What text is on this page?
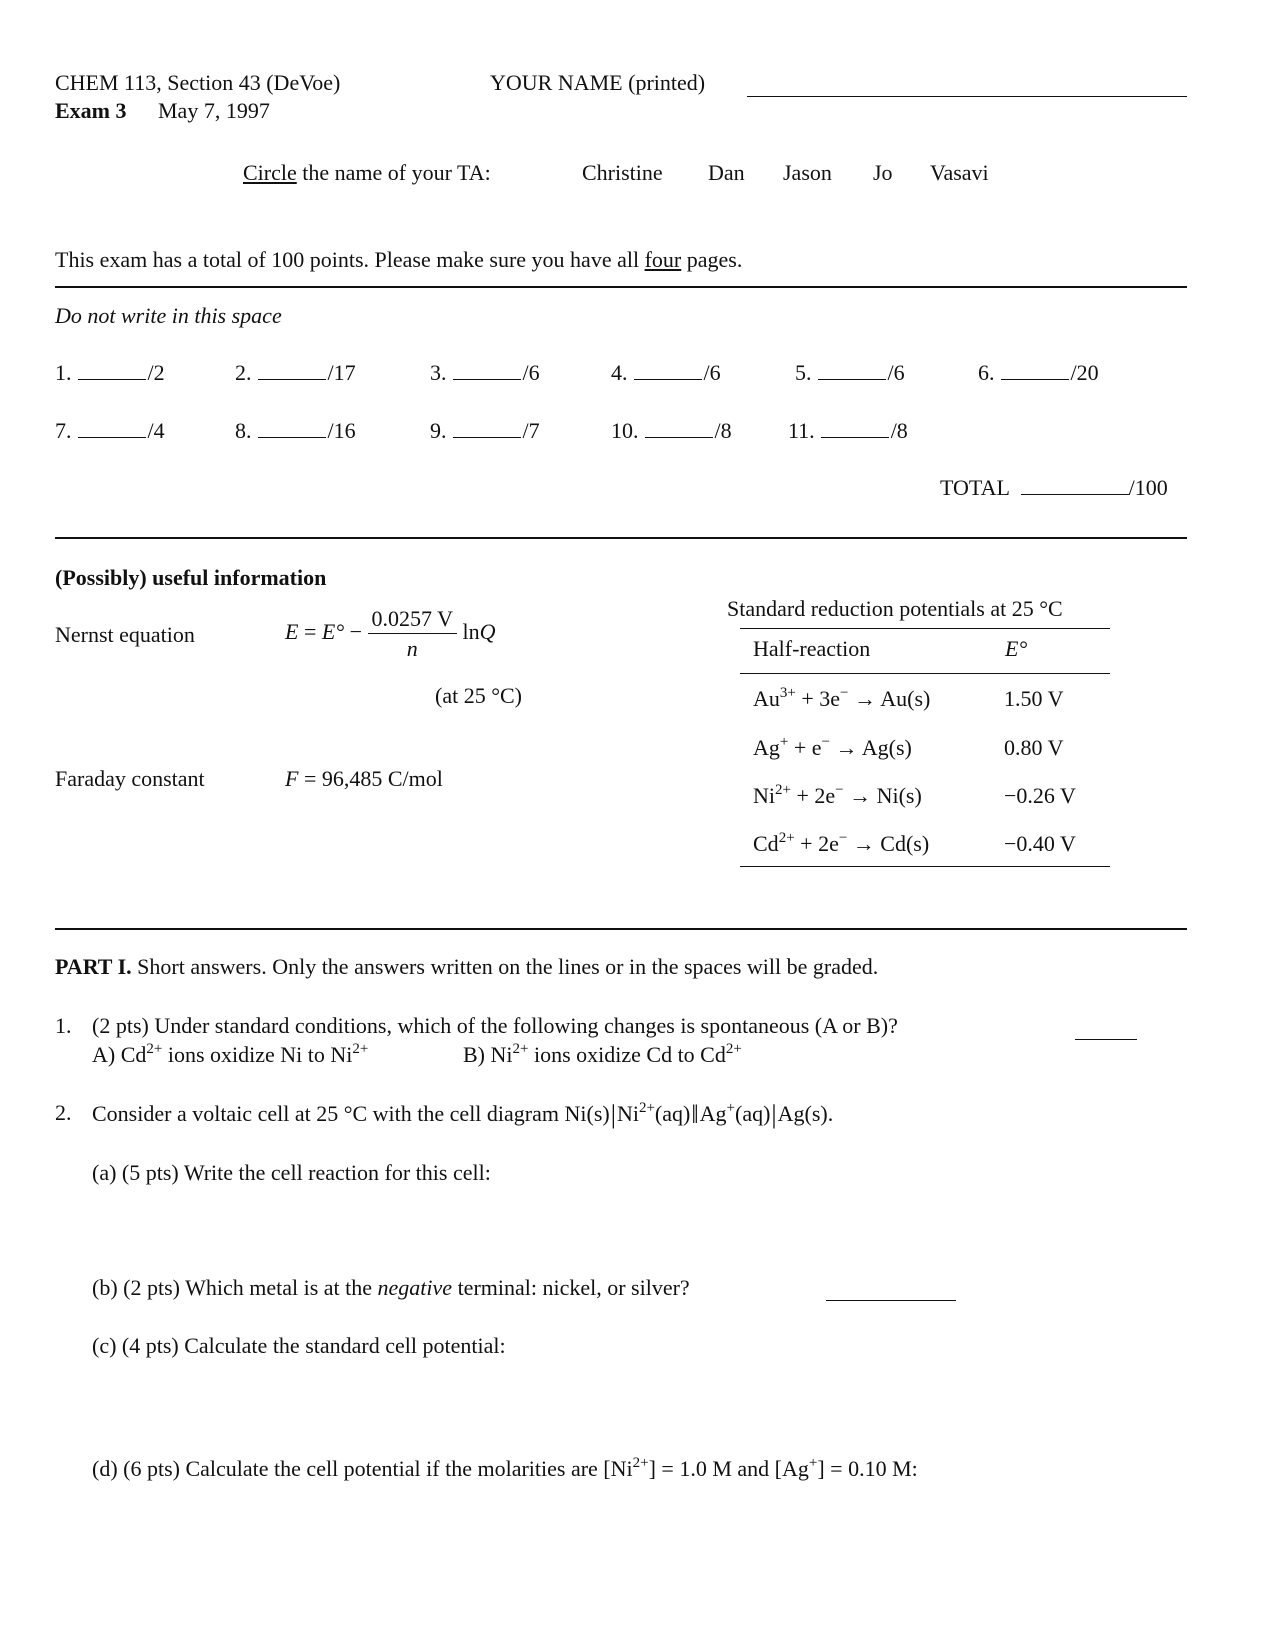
CHEM 113, Section 43 (DeVoe)
Exam 3 May 7, 1997
YOUR NAME (printed)
Circle the name of your TA:	Christine Dan Jason Jo Vasavi
This exam has a total of 100 points. Please make sure you have all four pages.
Do not write in this space
1.	/2	2.	/17	3.	/6	4.	/6	5.	/6	6.	/20
7.	/4	8.	/16	9.	/7	10.	/8	11.	/8
TOTAL	/100
(Possibly) useful information
Nernst equation	$E = E^\circ - \frac{0.0257 V}{n}$ lnQ
(at 25 °C)
Faraday constant	F = 96,485 C/mol
Standard reduction potentials at 25 °C
Half-reaction	E°
$Au^{3+} + 3e^- \to Au(s)$	1.50 V
Ag+ + e− → Ag(s)	0.80 V
$Ni^{2+} + 2e^- \to Ni(s)$	−0.26 V
$Cd^{2+} + 2e^- \to Cd(s)$	−0.40 V
PART I. Short answers. Only the answers written on the lines or in the spaces will be graded.
1. (2 pts) Under standard conditions, which of the following changes is spontaneous (A or B)?
A) $Cd^{2+}$ ions oxidize Ni to $Ni^{2+}$	B) $Ni^{2+}$ ions oxidize Cd to $Cd^{2+}$
2. Consider a voltaic cell at 25 °C with the cell diagram $Ni(s)|Ni^{2+}(aq)‖Ag^+(aq)|Ag(s)$.
(a) (5 pts) Write the cell reaction for this cell:
(b) (2 pts) Which metal is at the negative terminal: nickel, or silver?
(c) (4 pts) Calculate the standard cell potential:
(d) (6 pts) Calculate the cell potential if the molarities are $[Ni^{2+}] = 1.0$ M and [Ag+] = 0.10 M:
